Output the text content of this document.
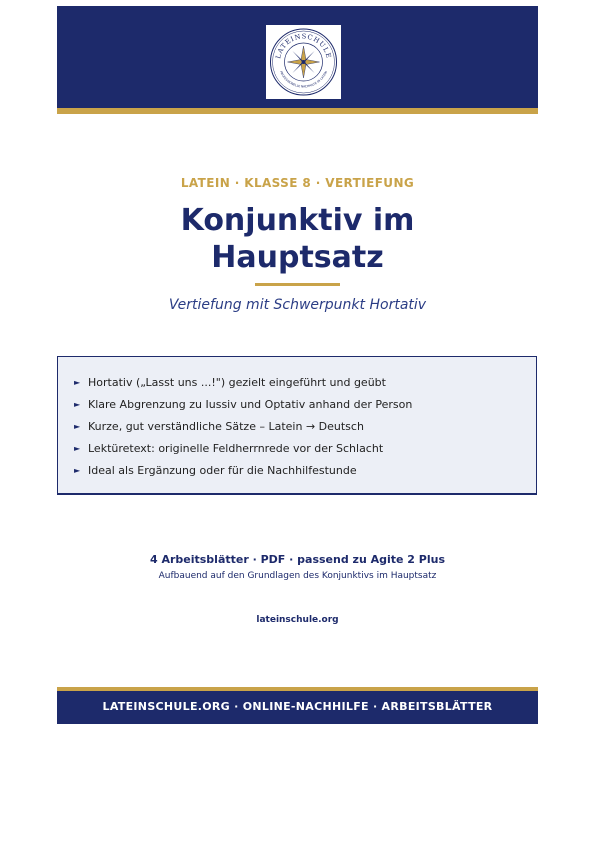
LATEINSCHULE
PROFESSIONELLE NACHHILFE IN LATEIN
LATEIN · KLASSE 8 · VERTIEFUNG
Konjunktiv im
Hauptsatz
Vertiefung mit Schwerpunkt Hortativ
► Hortativ („Lasst uns ...!") gezielt eingeführt und geübt
► Klare Abgrenzung zu Iussiv und Optativ anhand der Person
► Kurze, gut verständliche Sätze – Latein → Deutsch
► Lektüretext: originelle Feldherrnrede vor der Schlacht
► Ideal als Ergänzung oder für die Nachhilfestunde
4 Arbeitsblätter · PDF · passend zu Agite 2 Plus
Aufbauend auf den Grundlagen des Konjunktivs im Hauptsatz
lateinschule.org
LATEINSCHULE.ORG · ONLINE-NACHHILFE · ARBEITSBLÄTTER
